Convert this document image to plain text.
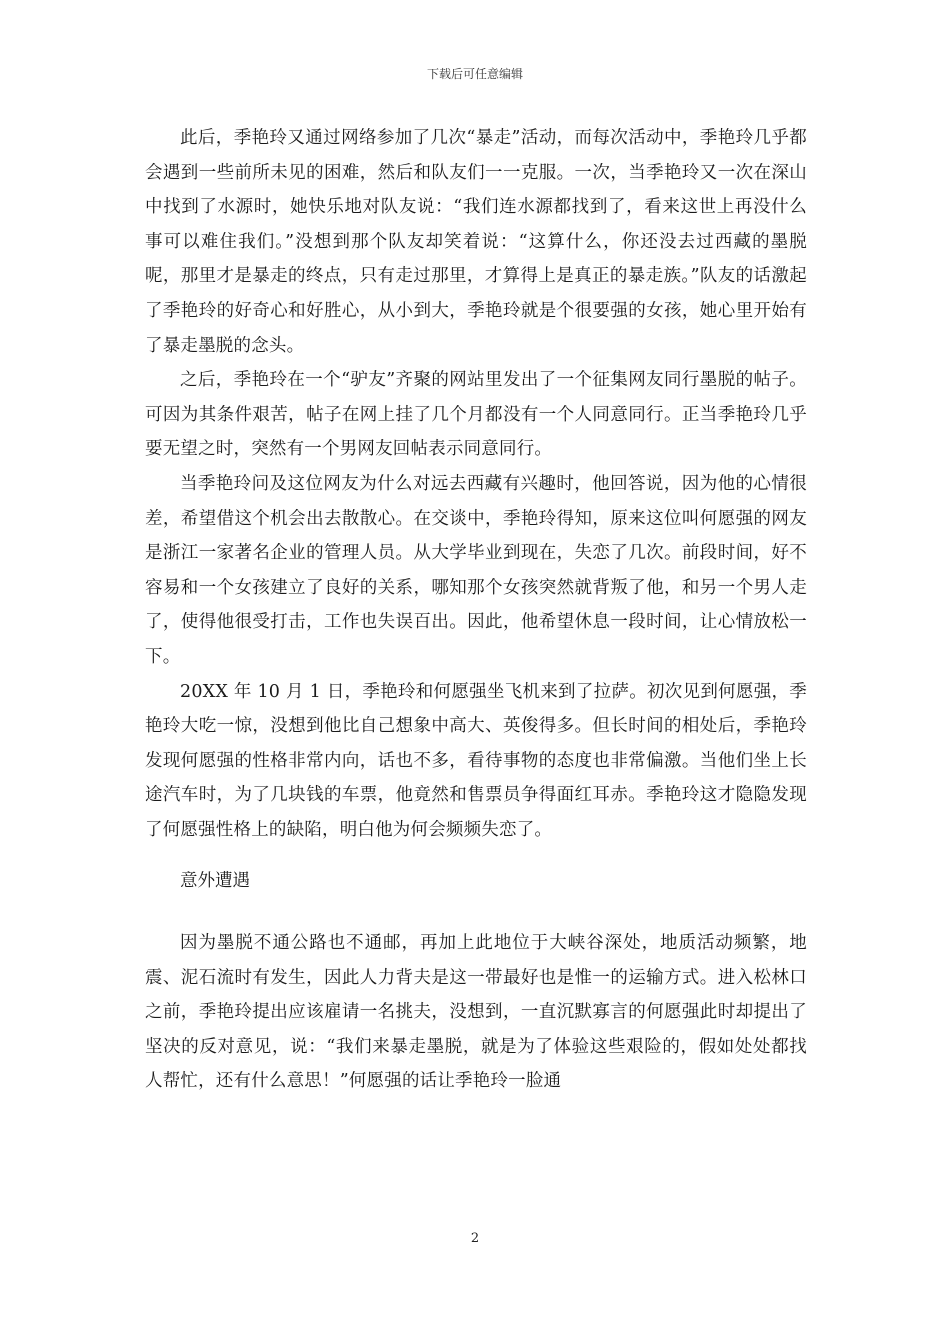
下载后可任意编辑

此后，季艳玲又通过网络参加了几次“暴走”活动，而每次活动中，季艳玲几乎都会遇到一些前所未见的困难，然后和队友们一一克服。一次，当季艳玲又一次在深山中找到了水源时，她快乐地对队友说：“我们连水源都找到了，看来这世上再没什么事可以难住我们。”没想到那个队友却笑着说：“这算什么，你还没去过西藏的墨脱呢，那里才是暴走的终点，只有走过那里，才算得上是真正的暴走族。”队友的话激起了季艳玲的好奇心和好胜心，从小到大，季艳玲就是个很要强的女孩，她心里开始有了暴走墨脱的念头。

之后，季艳玲在一个“驴友”齐聚的网站里发出了一个征集网友同行墨脱的帖子。可因为其条件艰苦，帖子在网上挂了几个月都没有一个人同意同行。正当季艳玲几乎要无望之时，突然有一个男网友回帖表示同意同行。

当季艳玲问及这位网友为什么对远去西藏有兴趣时，他回答说，因为他的心情很差，希望借这个机会出去散散心。在交谈中，季艳玲得知，原来这位叫何愿强的网友是浙江一家著名企业的管理人员。从大学毕业到现在，失恋了几次。前段时间，好不容易和一个女孩建立了良好的关系，哪知那个女孩突然就背叛了他，和另一个男人走了，使得他很受打击，工作也失误百出。因此，他希望休息一段时间，让心情放松一下。

20XX 年 10 月 1 日，季艳玲和何愿强坐飞机来到了拉萨。初次见到何愿强，季艳玲大吃一惊，没想到他比自己想象中高大、英俊得多。但长时间的相处后，季艳玲发现何愿强的性格非常内向，话也不多，看待事物的态度也非常偏激。当他们坐上长途汽车时，为了几块钱的车票，他竟然和售票员争得面红耳赤。季艳玲这才隐隐发现了何愿强性格上的缺陷，明白他为何会频频失恋了。

意外遭遇

因为墨脱不通公路也不通邮，再加上此地位于大峡谷深处，地质活动频繁，地震、泥石流时有发生，因此人力背夫是这一带最好也是惟一的运输方式。进入松林口之前，季艳玲提出应该雇请一名挑夫，没想到，一直沉默寡言的何愿强此时却提出了坚决的反对意见，说：“我们来暴走墨脱，就是为了体验这些艰险的，假如处处都找人帮忙，还有什么意思！”何愿强的话让季艳玲一脸通

2
